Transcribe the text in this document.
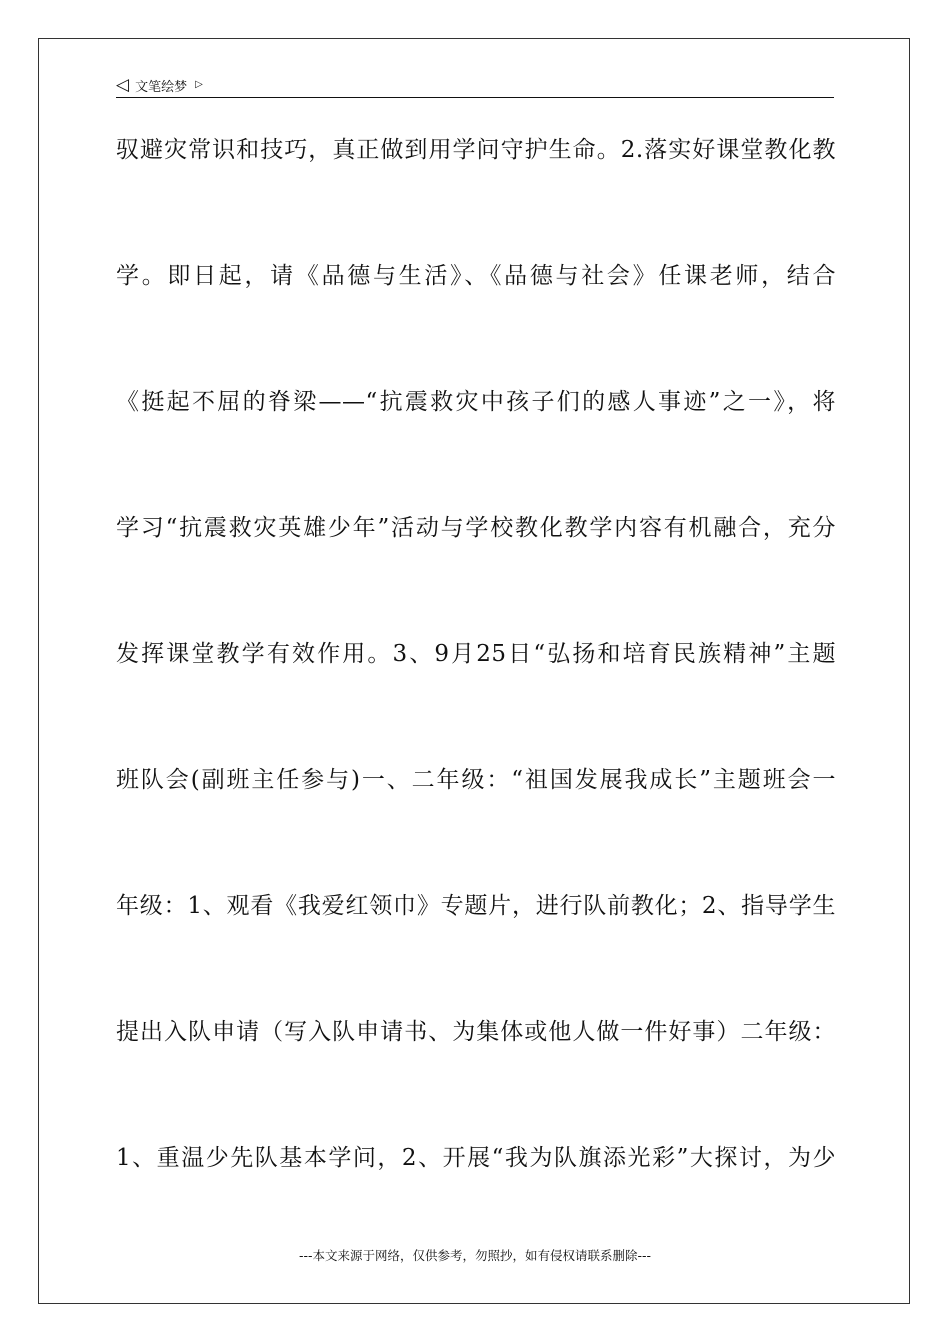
◁ 文笔绘梦 ▷
驭避灾常识和技巧，真正做到用学问守护生命。2.落实好课堂教化教
学。即日起，请《品德与生活》、《品德与社会》任课老师，结合
《挺起不屈的脊梁——“抗震救灾中孩子们的感人事迹”之一》，将
学习“抗震救灾英雄少年”活动与学校教化教学内容有机融合，充分
发挥课堂教学有效作用。3、9月25日“弘扬和培育民族精神”主题
班队会(副班主任参与)一、二年级：“祖国发展我成长”主题班会一
年级：1、观看《我爱红领巾》专题片，进行队前教化；2、指导学生
提出入队申请（写入队申请书、为集体或他人做一件好事）二年级：
1、重温少先队基本学问，2、开展“我为队旗添光彩”大探讨，为少
---本文来源于网络，仅供参考，勿照抄，如有侵权请联系删除---
